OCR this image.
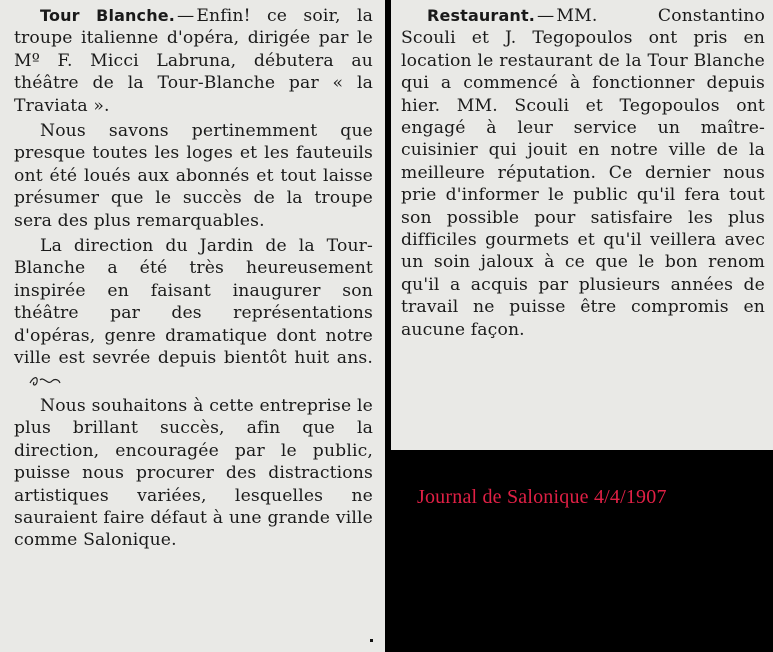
Tour Blanche. — Enfin! ce soir, la troupe italienne d'opéra, dirigée par le Mº F. Micci Labruna, débutera au théâtre de la Tour-Blanche par « la Traviata ».

Nous savons pertinemment que presque toutes les loges et les fauteuils ont été loués aux abonnés et tout laisse présumer que le succès de la troupe sera des plus remarquables.

La direction du Jardin de la Tour-Blanche a été très heureusement inspirée en faisant inaugurer son théâtre par des représentations d'opéras, genre dramatique dont notre ville est sevrée depuis bientôt huit ans.

Nous souhaitons à cette entreprise le plus brillant succès, afin que la direction, encouragée par le public, puisse nous procurer des distractions artistiques variées, lesquelles ne sauraient faire défaut à une grande ville comme Salonique.

Restaurant. — MM. Constantino Scouli et J. Tegopoulos ont pris en location le restaurant de la Tour Blanche qui a commencé à fonctionner depuis hier. MM. Scouli et Tegopoulos ont engagé à leur service un maître-cuisinier qui jouit en notre ville de la meilleure réputation. Ce dernier nous prie d'informer le public qu'il fera tout son possible pour satisfaire les plus difficiles gourmets et qu'il veillera avec un soin jaloux à ce que le bon renom qu'il a acquis par plusieurs années de travail ne puisse être compromis en aucune façon.

Journal de Salonique 4/4/1907
